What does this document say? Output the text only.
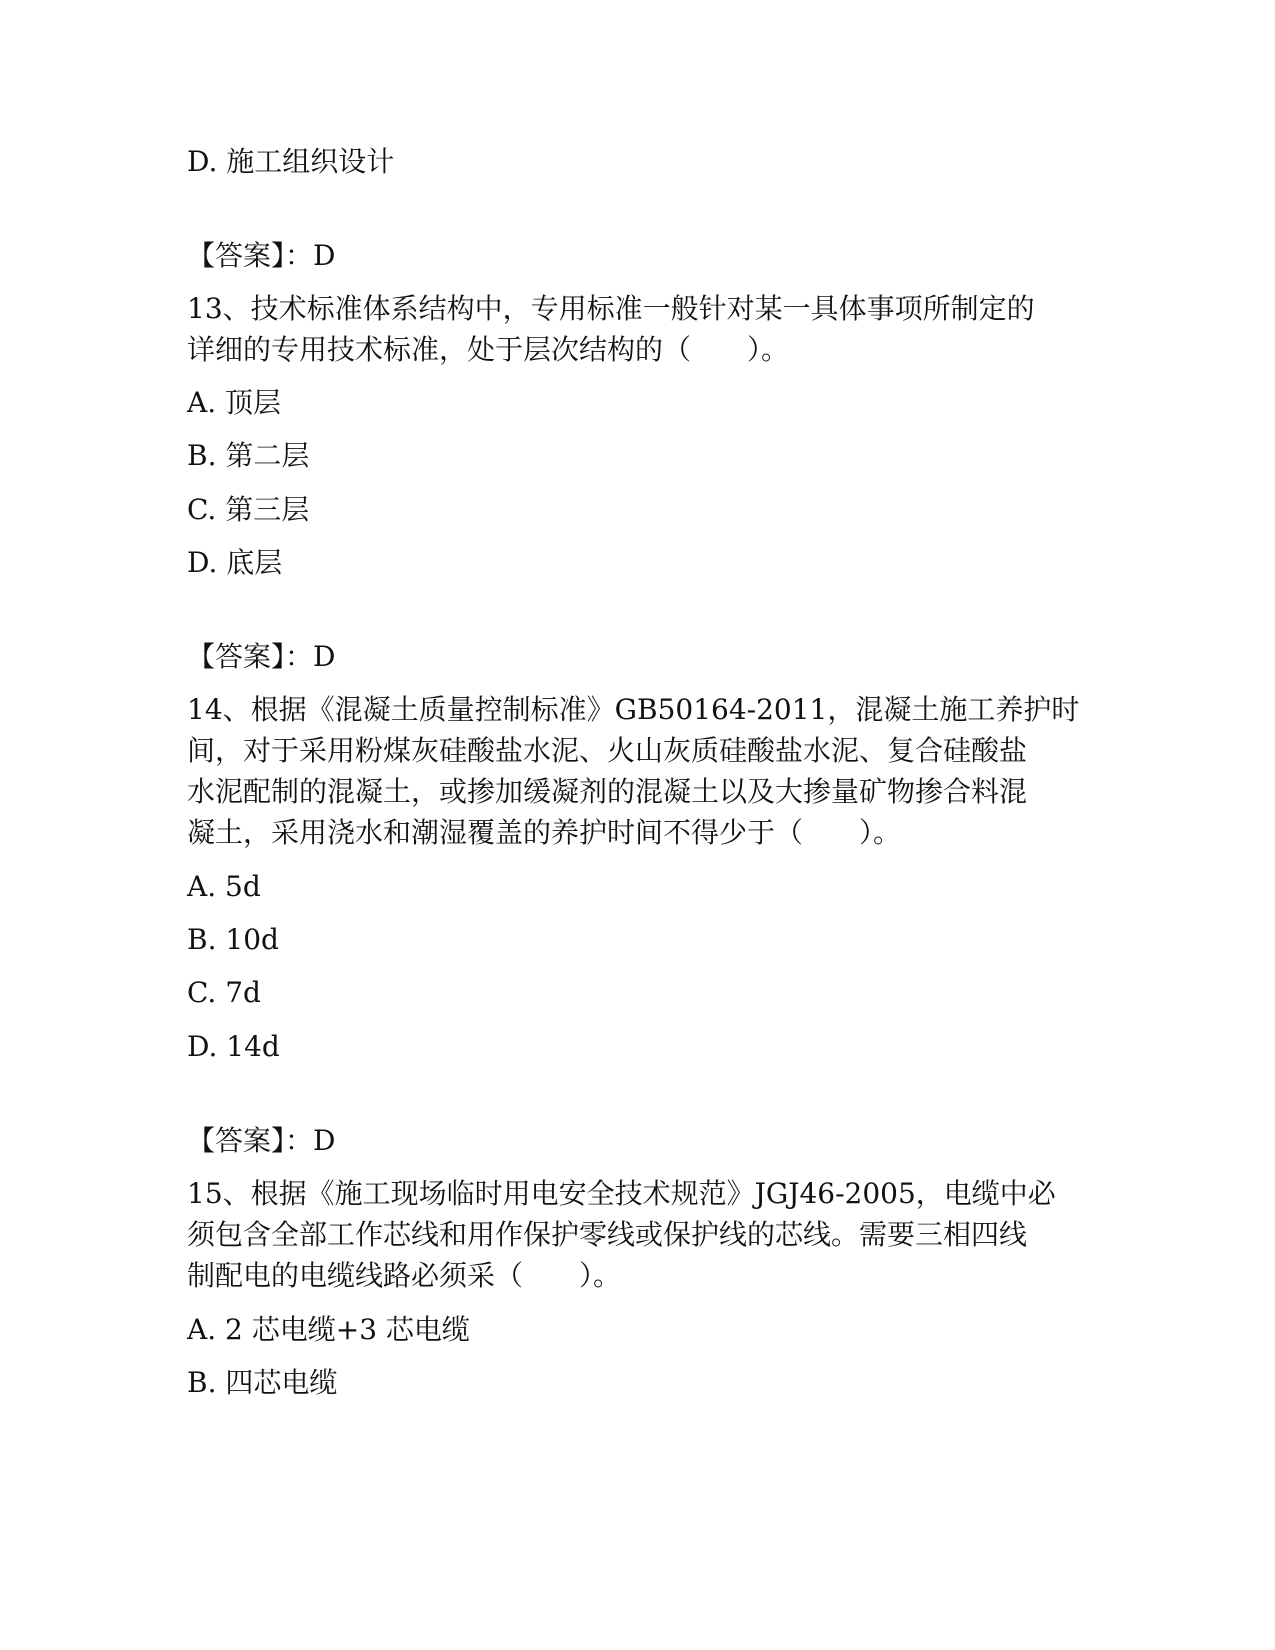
D. 施工组织设计
【答案】：D
13、技术标准体系结构中，专用标准一般针对某一具体事项所制定的
详细的专用技术标准，处于层次结构的（　　）。
A. 顶层
B. 第二层
C. 第三层
D. 底层
【答案】：D
14、根据《混凝土质量控制标准》GB50164-2011，混凝土施工养护时
间，对于采用粉煤灰硅酸盐水泥、火山灰质硅酸盐水泥、复合硅酸盐
水泥配制的混凝土，或掺加缓凝剂的混凝土以及大掺量矿物掺合料混
凝土，采用浇水和潮湿覆盖的养护时间不得少于（　　）。
A. 5d
B. 10d
C. 7d
D. 14d
【答案】：D
15、根据《施工现场临时用电安全技术规范》JGJ46-2005，电缆中必
须包含全部工作芯线和用作保护零线或保护线的芯线。需要三相四线
制配电的电缆线路必须采（　　）。
A. 2 芯电缆+3 芯电缆
B. 四芯电缆
